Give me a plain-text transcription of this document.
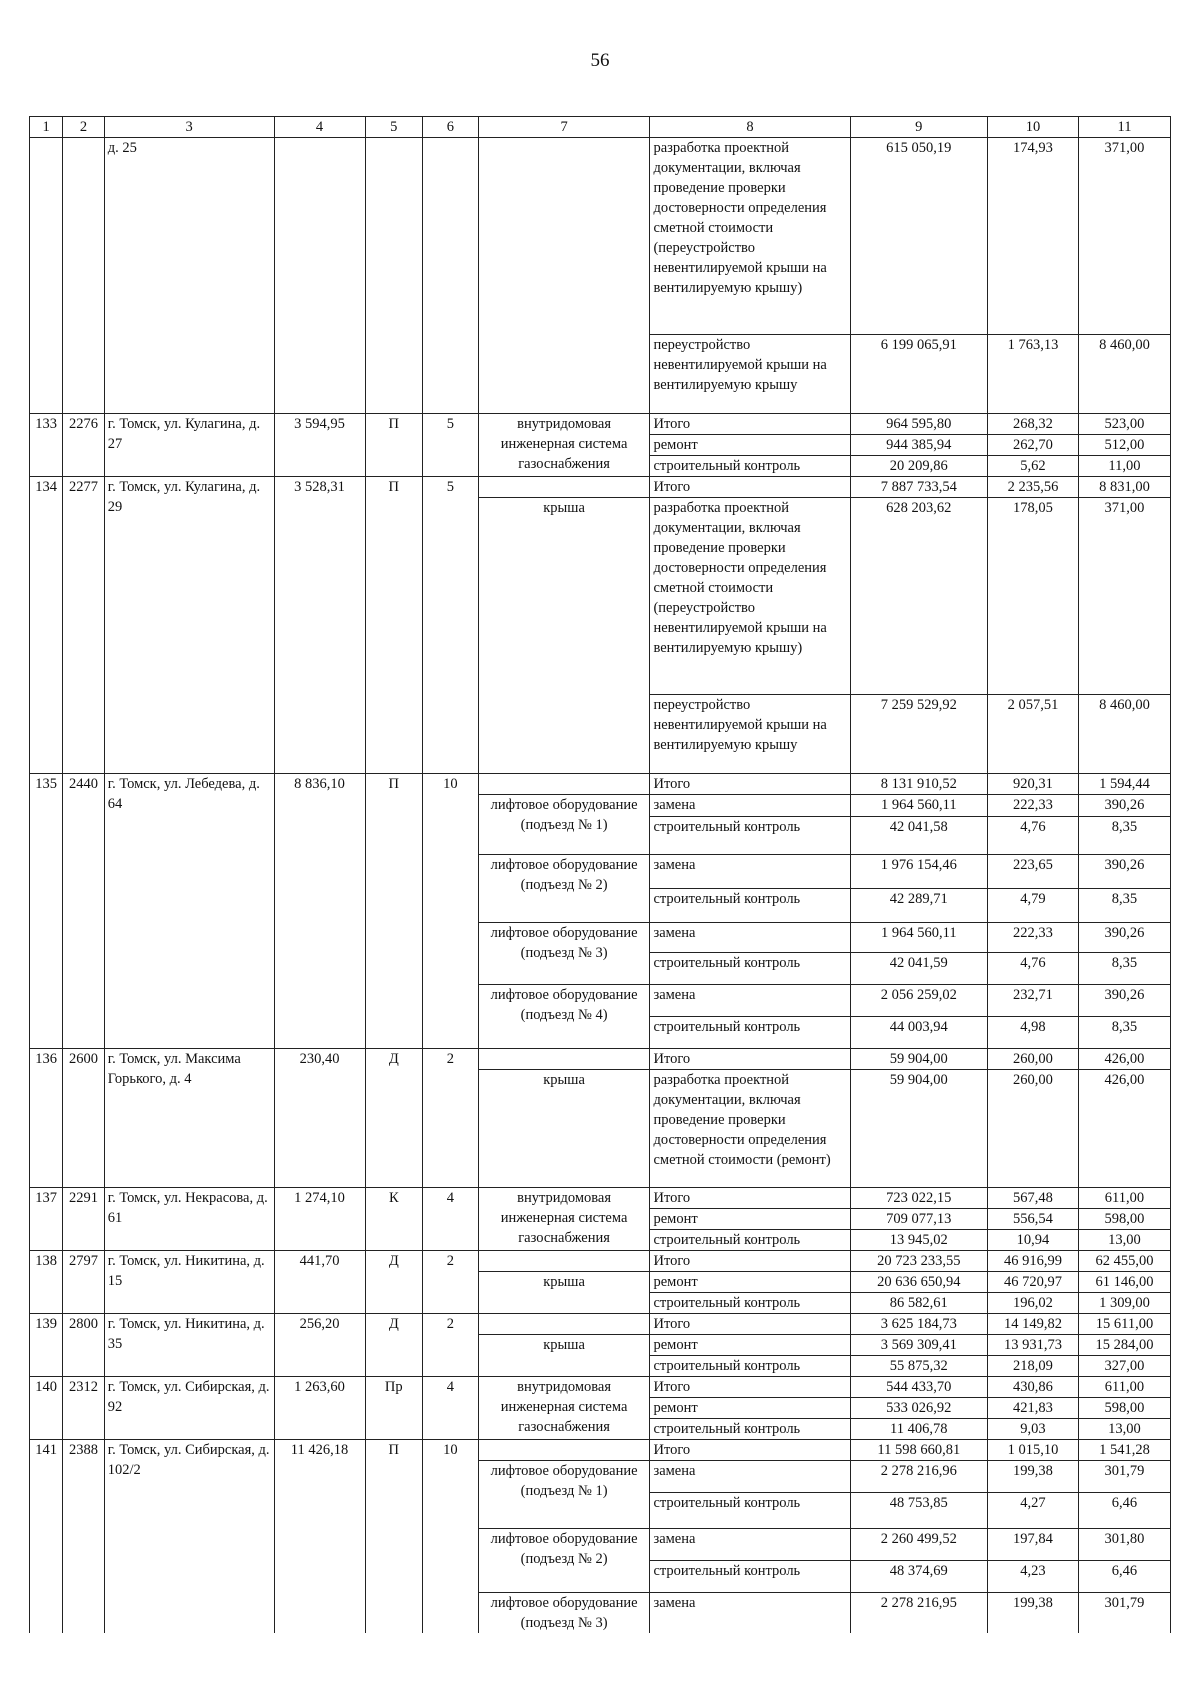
56
1	2	3	4	5	6	7	8	9	10	11
		д. 25					разработка проектной документации, включая проведение проверки достоверности определения сметной стоимости (переустройство невентилируемой крыши на вентилируемую крышу)	615 050,19	174,93	371,00
							переустройство невентилируемой крыши на вентилируемую крышу	6 199 065,91	1 763,13	8 460,00
133	2276	г. Томск, ул. Кулагина, д. 27	3 594,95	П	5	внутридомовая инженерная система газоснабжения	Итого	964 595,80	268,32	523,00
							ремонт	944 385,94	262,70	512,00
							строительный контроль	20 209,86	5,62	11,00
134	2277	г. Томск, ул. Кулагина, д. 29	3 528,31	П	5		Итого	7 887 733,54	2 235,56	8 831,00
						крыша	разработка проектной документации, включая проведение проверки достоверности определения сметной стоимости (переустройство невентилируемой крыши на вентилируемую крышу)	628 203,62	178,05	371,00
							переустройство невентилируемой крыши на вентилируемую крышу	7 259 529,92	2 057,51	8 460,00
135	2440	г. Томск, ул. Лебедева, д. 64	8 836,10	П	10		Итого	8 131 910,52	920,31	1 594,44
						лифтовое оборудование (подъезд № 1)	замена	1 964 560,11	222,33	390,26
							строительный контроль	42 041,58	4,76	8,35
						лифтовое оборудование (подъезд № 2)	замена	1 976 154,46	223,65	390,26
							строительный контроль	42 289,71	4,79	8,35
						лифтовое оборудование (подъезд № 3)	замена	1 964 560,11	222,33	390,26
							строительный контроль	42 041,59	4,76	8,35
						лифтовое оборудование (подъезд № 4)	замена	2 056 259,02	232,71	390,26
							строительный контроль	44 003,94	4,98	8,35
136	2600	г. Томск, ул. Максима Горького, д. 4	230,40	Д	2		Итого	59 904,00	260,00	426,00
						крыша	разработка проектной документации, включая проведение проверки достоверности определения сметной стоимости (ремонт)	59 904,00	260,00	426,00
137	2291	г. Томск, ул. Некрасова, д. 61	1 274,10	К	4	внутридомовая инженерная система газоснабжения	Итого	723 022,15	567,48	611,00
							ремонт	709 077,13	556,54	598,00
							строительный контроль	13 945,02	10,94	13,00
138	2797	г. Томск, ул. Никитина, д. 15	441,70	Д	2		Итого	20 723 233,55	46 916,99	62 455,00
						крыша	ремонт	20 636 650,94	46 720,97	61 146,00
							строительный контроль	86 582,61	196,02	1 309,00
139	2800	г. Томск, ул. Никитина, д. 35	256,20	Д	2		Итого	3 625 184,73	14 149,82	15 611,00
						крыша	ремонт	3 569 309,41	13 931,73	15 284,00
							строительный контроль	55 875,32	218,09	327,00
140	2312	г. Томск, ул. Сибирская, д. 92	1 263,60	Пр	4	внутридомовая инженерная система газоснабжения	Итого	544 433,70	430,86	611,00
							ремонт	533 026,92	421,83	598,00
							строительный контроль	11 406,78	9,03	13,00
141	2388	г. Томск, ул. Сибирская, д. 102/2	11 426,18	П	10		Итого	11 598 660,81	1 015,10	1 541,28
						лифтовое оборудование (подъезд № 1)	замена	2 278 216,96	199,38	301,79
							строительный контроль	48 753,85	4,27	6,46
						лифтовое оборудование (подъезд № 2)	замена	2 260 499,52	197,84	301,80
							строительный контроль	48 374,69	4,23	6,46
						лифтовое оборудование (подъезд № 3)	замена	2 278 216,95	199,38	301,79
